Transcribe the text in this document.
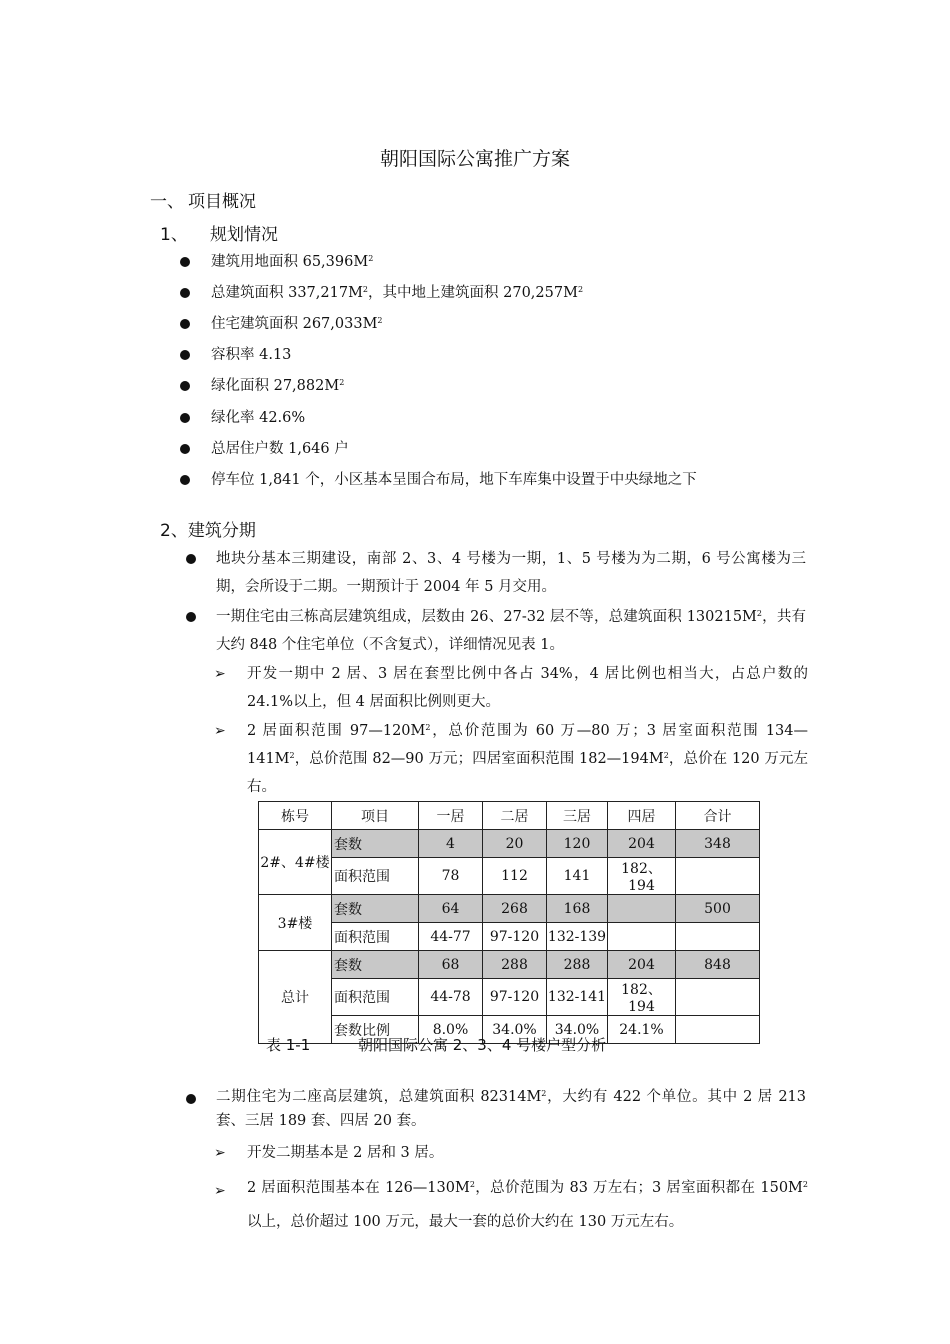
朝阳国际公寓推广方案
一、 项目概况
1、 规划情况
建筑用地面积 $65,396M^2$
总建筑面积 $337,217M^2$，其中地上建筑面积 $270,257M^2$
住宅建筑面积 $267,033M^2$
容积率 4.13
绿化面积 $27,882M^2$
绿化率 42.6%
总居住户数 1,646 户
停车位 1,841 个，小区基本呈围合布局，地下车库集中设置于中央绿地之下
2、建筑分期
地块分基本三期建设，南部 2、3、4 号楼为一期，1、5 号楼为为二期，6 号公寓楼为三期，会所设于二期。一期预计于 2004 年 5 月交用。
一期住宅由三栋高层建筑组成，层数由 26、27-32 层不等，总建筑面积 $130215M^2$，共有大约 848 个住宅单位（不含复式），详细情况见表 1。
➢ 开发一期中 2 居、3 居在套型比例中各占 34%，4 居比例也相当大，占总户数的 24.1%以上，但 4 居面积比例则更大。
➢ 2 居面积范围 $97—120M^2$，总价范围为 60 万—80 万；3 居室面积范围 $134—141M^2$，总价范围 82—90 万元；四居室面积范围 $182—194M^2$，总价在 120 万元左右。
栋号	项目	一居	二居	三居	四居	合计
2#、4#楼	套数	4	20	120	204	348
	面积范围	78	112	141	182、194	
3#楼	套数	64	268	168		500
	面积范围	44-77	97-120	132-139		
总计	套数	68	288	288	204	848
	面积范围	44-78	97-120	132-141	182、194	
	套数比例	8.0%	34.0%	34.0%	24.1%	
表 1-1	朝阳国际公寓 2、3、4 号楼户型分析
二期住宅为二座高层建筑，总建筑面积 $82314M^2$，大约有 422 个单位。其中 2 居 213 套、三居 189 套、四居 20 套。
➢ 开发二期基本是 2 居和 3 居。
➢ 2 居面积范围基本在 $126—130M^2$，总价范围为 83 万左右；3 居室面积都在 $150M^2$以上，总价超过 100 万元，最大一套的总价大约在 130 万元左右。
